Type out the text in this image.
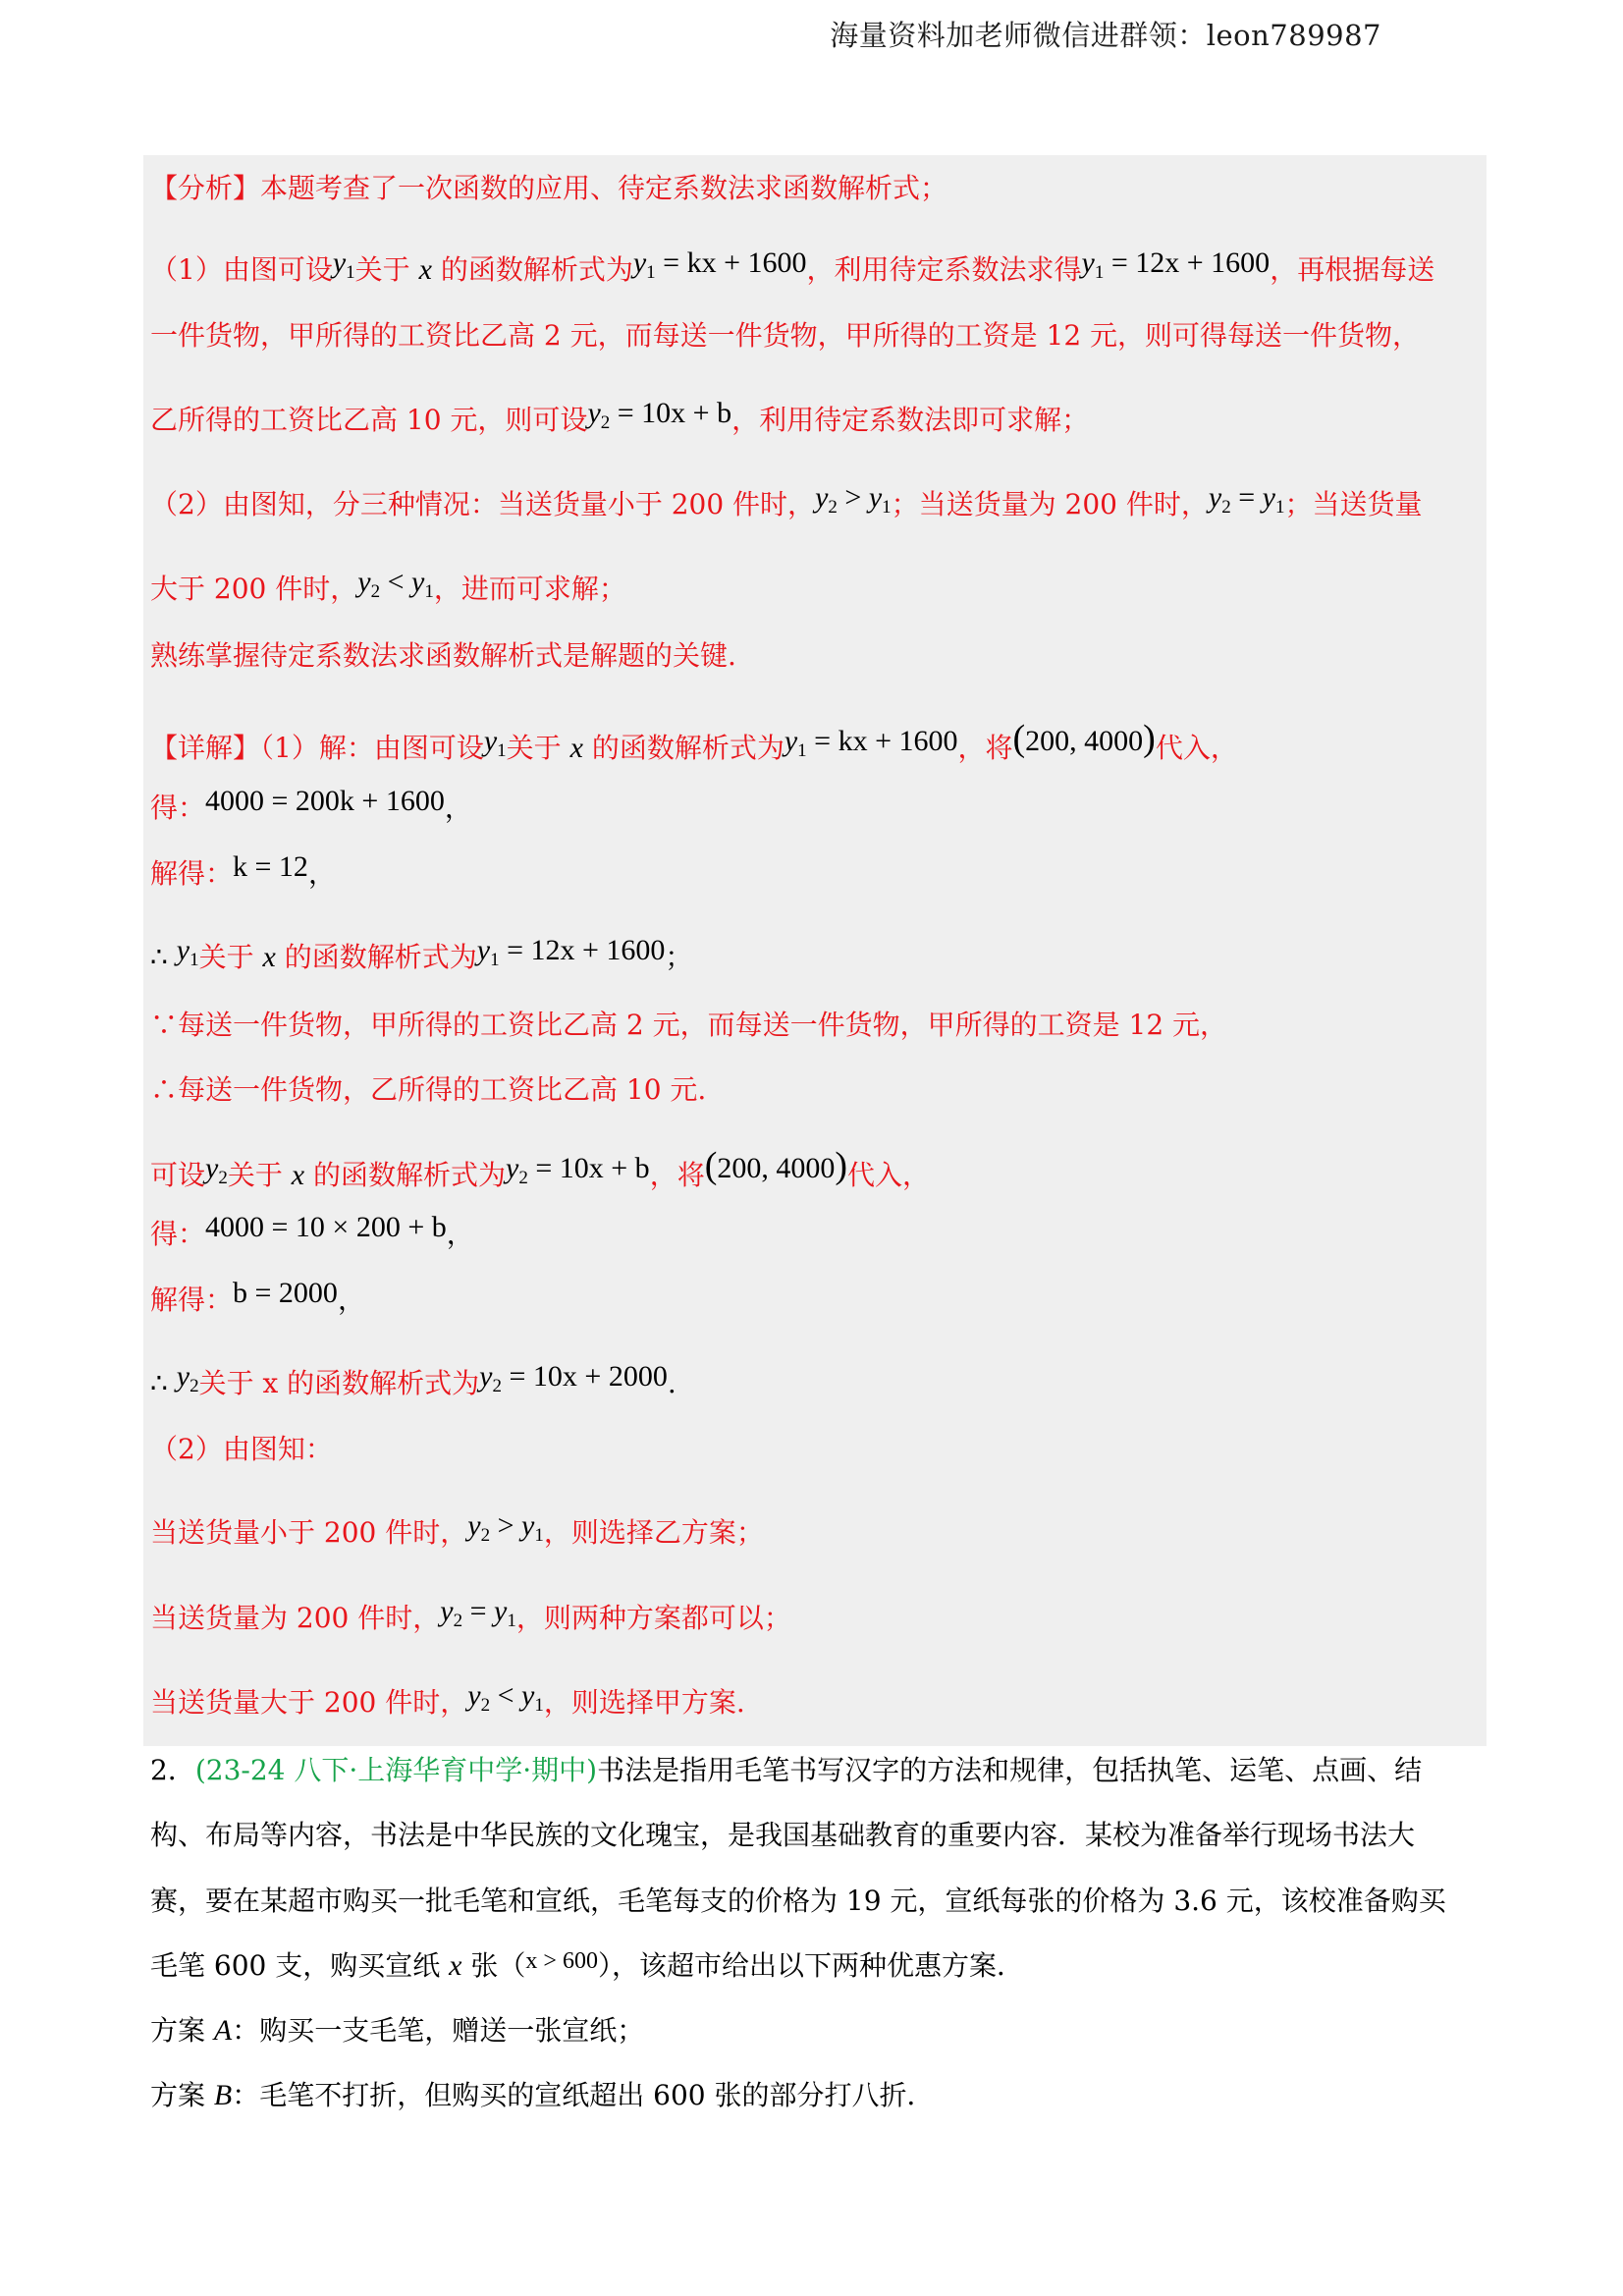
海量资料加老师微信进群领：leon789987
【分析】本题考查了一次函数的应用、待定系数法求函数解析式；
（1）由图可设$y_1$关于 x 的函数解析式为$y_1$ = kx + 1600，利用待定系数法求得$y_1 = 12x + 1600$，再根据每送
一件货物，甲所得的工资比乙高 2 元，而每送一件货物，甲所得的工资是 12 元，则可得每送一件货物，
乙所得的工资比乙高 10 元，则可设$y_2 = 10x + b$，利用待定系数法即可求解；
（2）由图知，分三种情况：当送货量小于 200 件时，$y_2 > y_1$；当送货量为 200 件时，$y_2 = y_1$；当送货量
大于 200 件时，$y_2 < y_1$，进而可求解；
熟练掌握待定系数法求函数解析式是解题的关键.
【详解】（1）解：由图可设$y_1$关于 x 的函数解析式为$y_1$ = kx + 1600，将(200, 4000)代入，
得：4000 = 200k + 1600，
解得：k = 12，
∴ $y_1$关于 x 的函数解析式为$y_1 = 12x + 1600$；
∵每送一件货物，甲所得的工资比乙高 2 元，而每送一件货物，甲所得的工资是 12 元，
∴每送一件货物，乙所得的工资比乙高 10 元.
可设$y_2$关于 x 的函数解析式为$y_2 = 10x + b$，将(200, 4000)代入，
得：4000 = 10 × 200 + b，
解得：b = 2000，
∴ $y_2$关于 x 的函数解析式为$y_2 = 10x + 2000$.
（2）由图知：
当送货量小于 200 件时，$y_2 > y_1$，则选择乙方案；
当送货量为 200 件时，$y_2 = y_1$，则两种方案都可以；
当送货量大于 200 件时，$y_2 < y_1$，则选择甲方案.
2．(23-24 八下·上海华育中学·期中)书法是指用毛笔书写汉字的方法和规律，包括执笔、运笔、点画、结
构、布局等内容，书法是中华民族的文化瑰宝，是我国基础教育的重要内容．某校为准备举行现场书法大
赛，要在某超市购买一批毛笔和宣纸，毛笔每支的价格为 19 元，宣纸每张的价格为 3.6 元，该校准备购买
毛笔 600 支，购买宣纸 x 张（x > 600），该超市给出以下两种优惠方案．
方案 A：购买一支毛笔，赠送一张宣纸；
方案 B：毛笔不打折，但购买的宣纸超出 600 张的部分打八折．
